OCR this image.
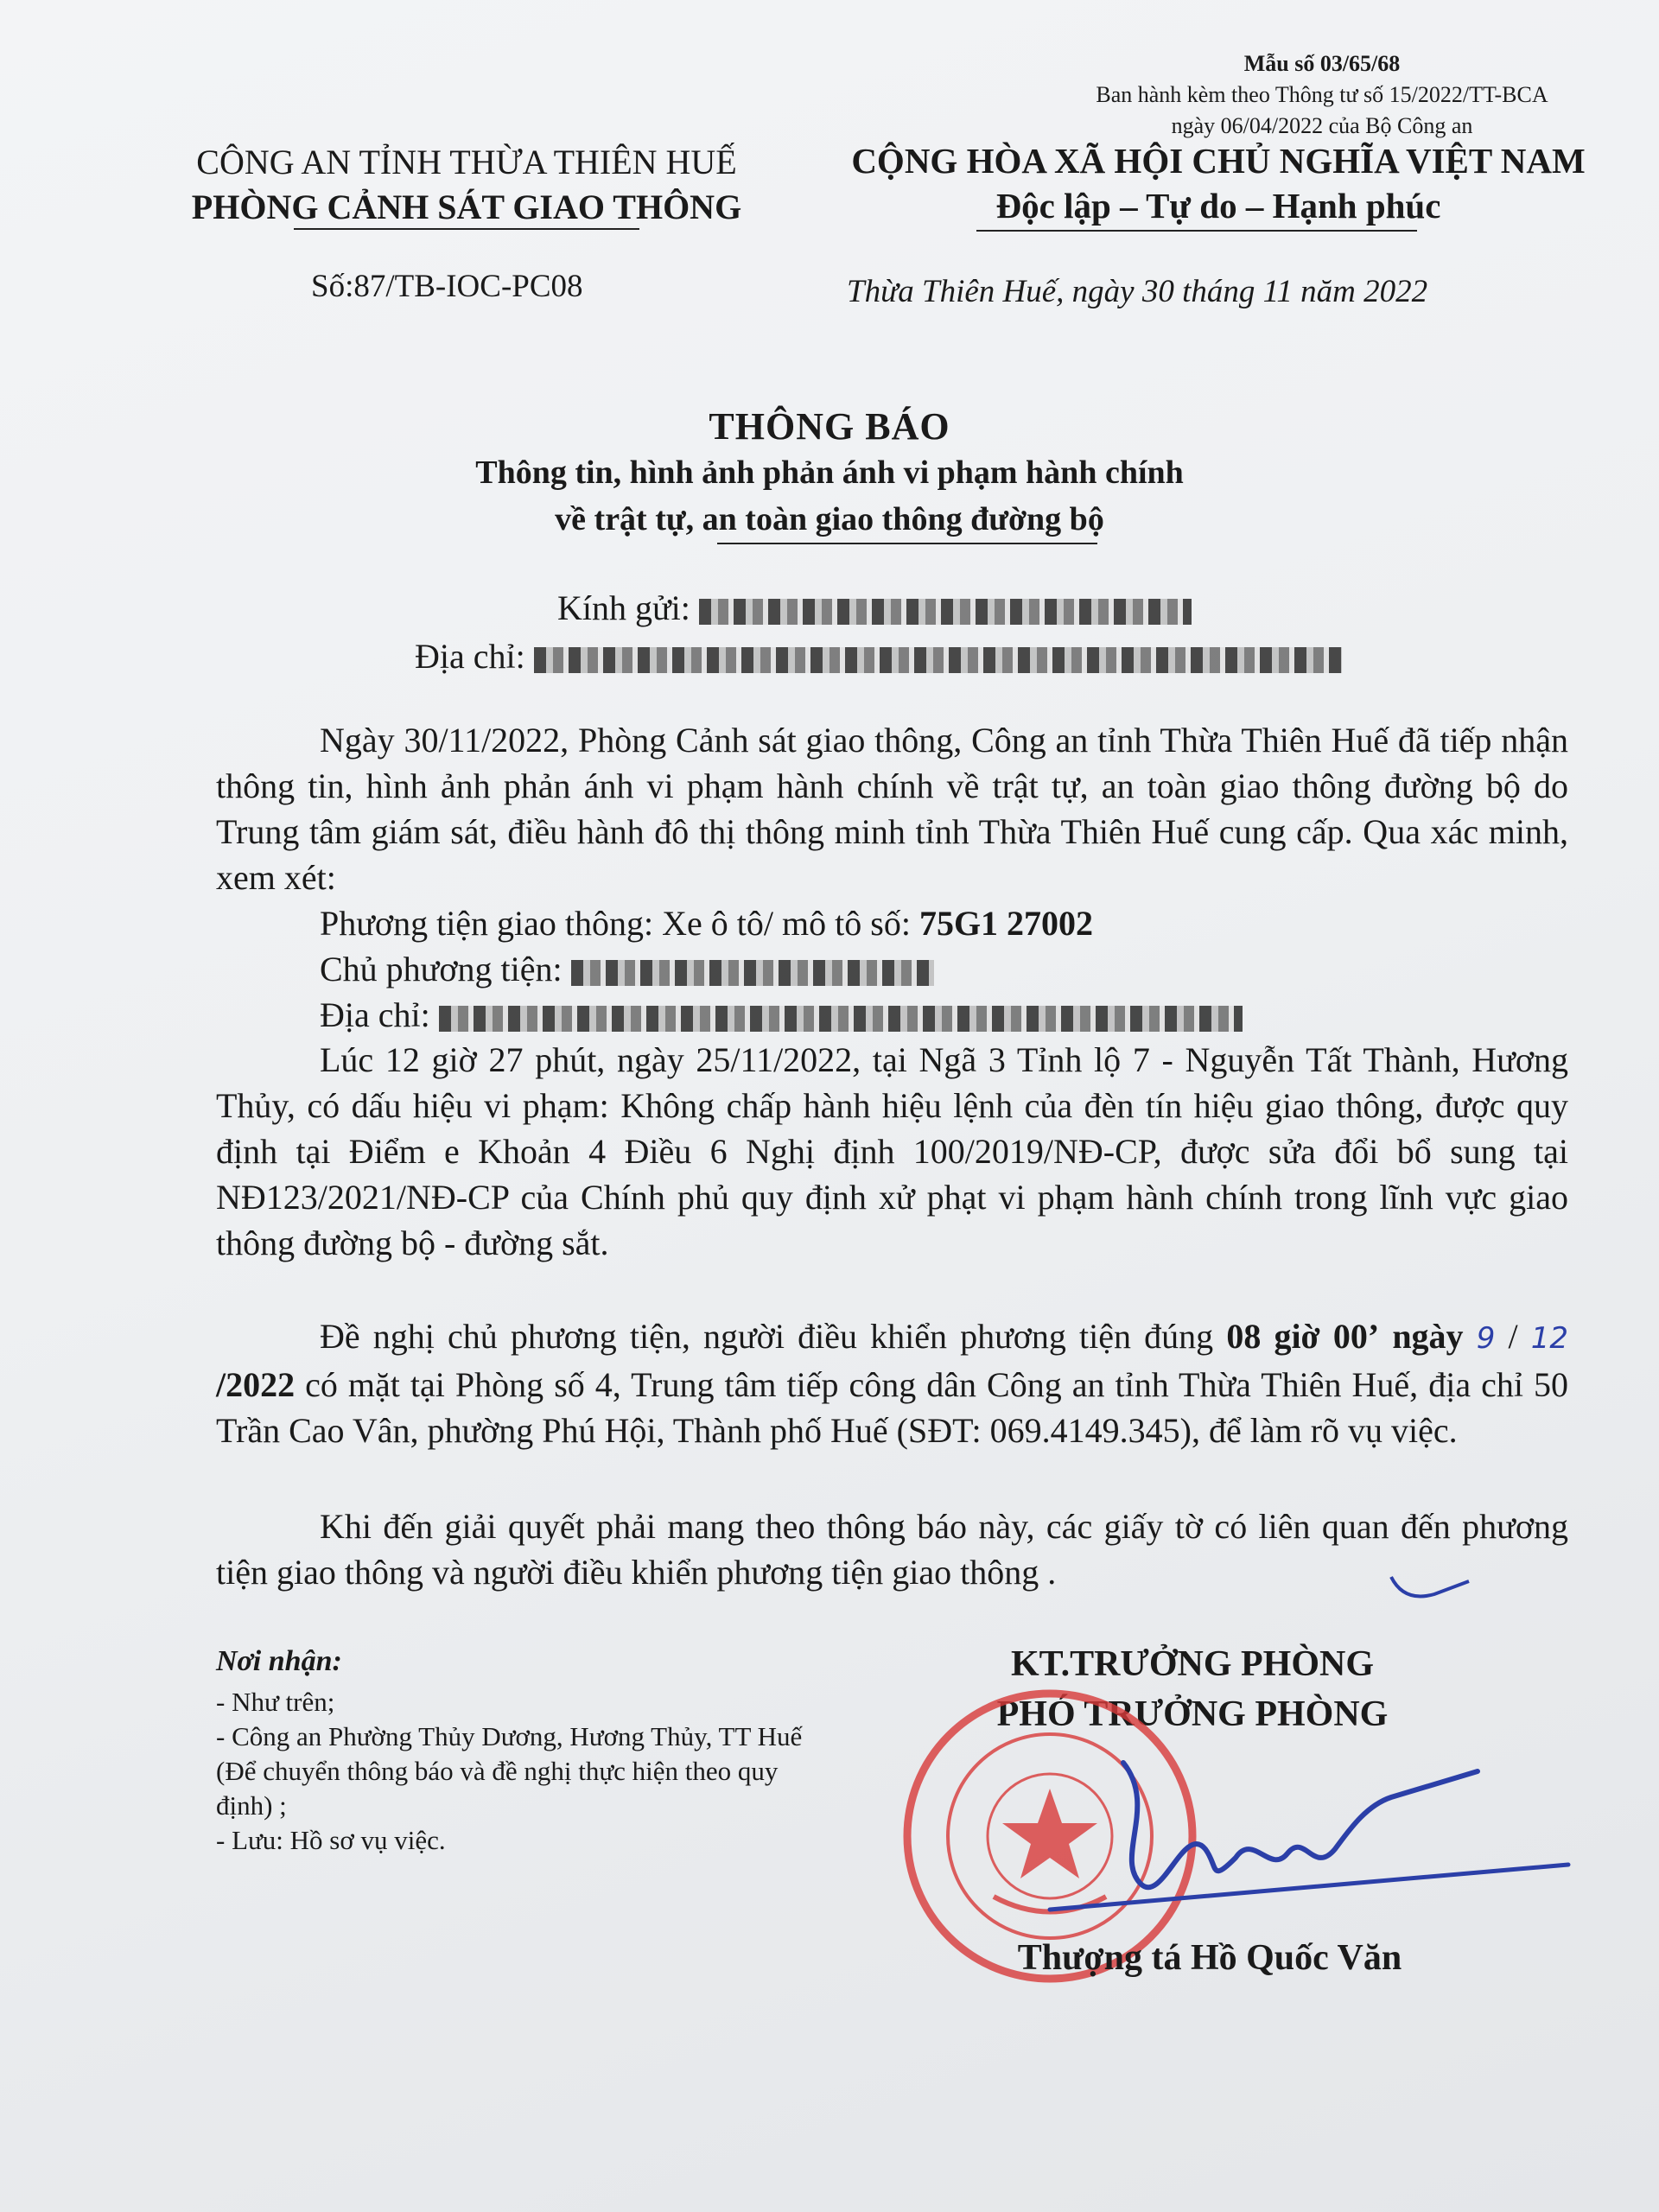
Mẫu số 03/65/68
Ban hành kèm theo Thông tư số 15/2022/TT-BCA
ngày 06/04/2022 của Bộ Công an
CÔNG AN TỈNH THỪA THIÊN HUẾ
PHÒNG CẢNH SÁT GIAO THÔNG
CỘNG HÒA XÃ HỘI CHỦ NGHĨA VIỆT NAM
Độc lập – Tự do – Hạnh phúc
Số:87/TB-IOC-PC08	Thừa Thiên Huế, ngày 30 tháng 11 năm 2022
THÔNG BÁO
Thông tin, hình ảnh phản ánh vi phạm hành chính
về trật tự, an toàn giao thông đường bộ
Kính gửi:
Địa chỉ:

Ngày 30/11/2022, Phòng Cảnh sát giao thông, Công an tỉnh Thừa Thiên Huế đã tiếp nhận thông tin, hình ảnh phản ánh vi phạm hành chính về trật tự, an toàn giao thông đường bộ do Trung tâm giám sát, điều hành đô thị thông minh tỉnh Thừa Thiên Huế cung cấp. Qua xác minh, xem xét:

Phương tiện giao thông: Xe ô tô/ mô tô số: 75G1 27002
Chủ phương tiện:
Địa chỉ:

Lúc 12 giờ 27 phút, ngày 25/11/2022, tại Ngã 3 Tỉnh lộ 7 - Nguyễn Tất Thành, Hương Thủy, có dấu hiệu vi phạm: Không chấp hành hiệu lệnh của đèn tín hiệu giao thông, được quy định tại Điểm e Khoản 4 Điều 6 Nghị định 100/2019/NĐ-CP, được sửa đổi bổ sung tại NĐ123/2021/NĐ-CP của Chính phủ quy định xử phạt vi phạm hành chính trong lĩnh vực giao thông đường bộ - đường sắt.

Đề nghị chủ phương tiện, người điều khiển phương tiện đúng 08 giờ 00’ ngày 9 / 12 /2022 có mặt tại Phòng số 4, Trung tâm tiếp công dân Công an tỉnh Thừa Thiên Huế, địa chỉ 50 Trần Cao Vân, phường Phú Hội, Thành phố Huế (SĐT: 069.4149.345), để làm rõ vụ việc.

Khi đến giải quyết phải mang theo thông báo này, các giấy tờ có liên quan đến phương tiện giao thông và người điều khiển phương tiện giao thông .

Nơi nhận:
- Như trên;
- Công an Phường Thủy Dương, Hương Thủy, TT Huế (Để chuyển thông báo và đề nghị thực hiện theo quy định) ;
- Lưu: Hồ sơ vụ việc.
KT.TRƯỞNG PHÒNG
PHÓ TRƯỞNG PHÒNG
Thượng tá Hồ Quốc Văn
